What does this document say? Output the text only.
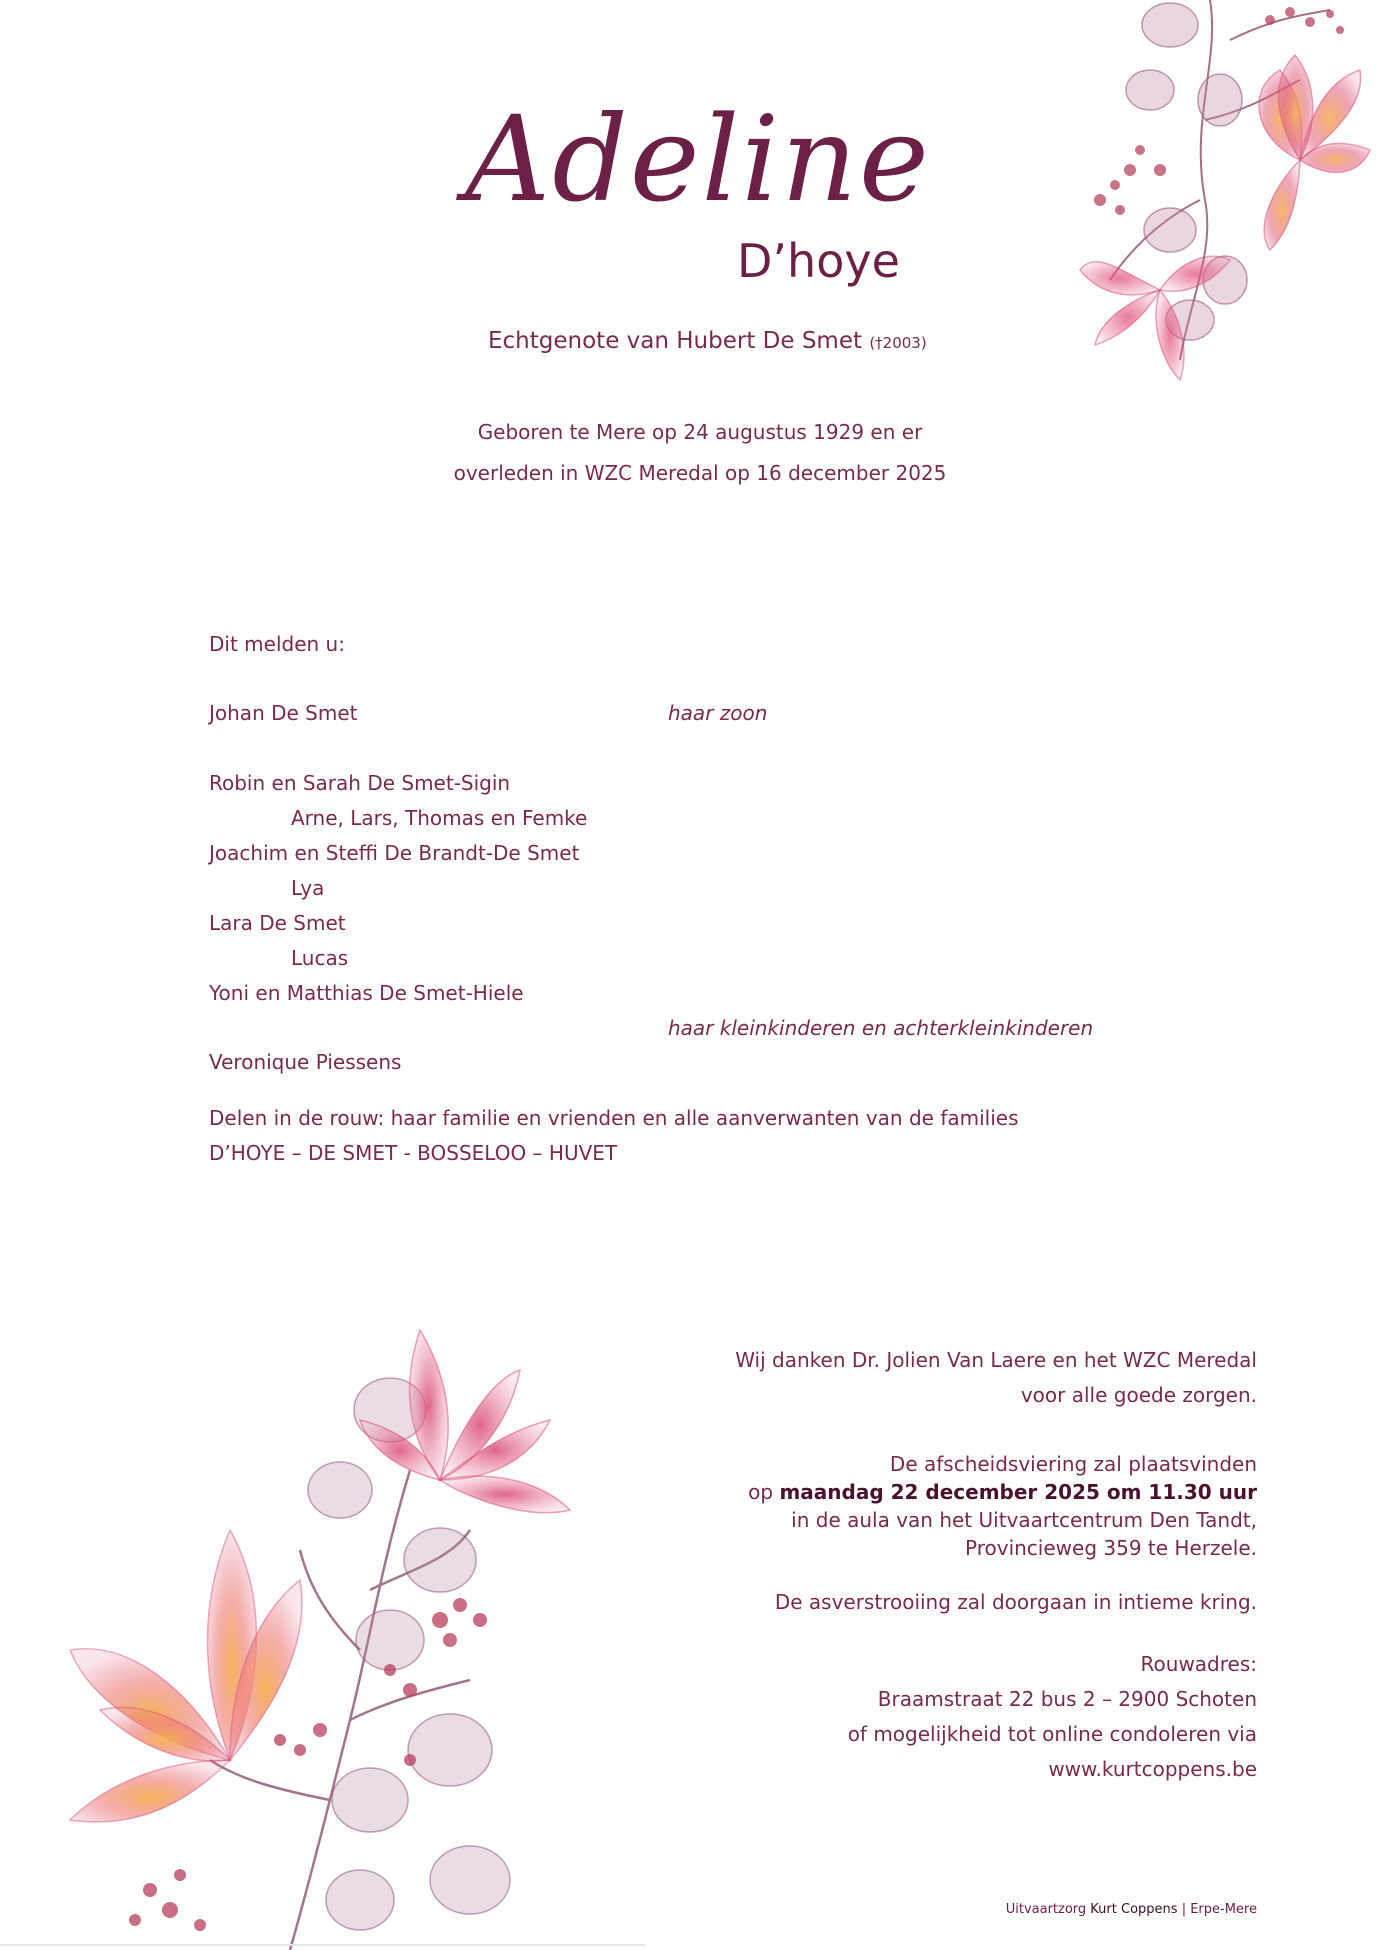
Adeline
D’hoye
Echtgenote van Hubert De Smet (†2003)
Geboren te Mere op 24 augustus 1929 en er
overleden in WZC Meredal op 16 december 2025
Dit melden u:
Johan De Smet	haar zoon
Robin en Sarah De Smet-Sigin
Arne, Lars, Thomas en Femke
Joachim en Steffi De Brandt-De Smet
Lya
Lara De Smet
Lucas
Yoni en Matthias De Smet-Hiele
haar kleinkinderen en achterkleinkinderen
Veronique Piessens
Delen in de rouw: haar familie en vrienden en alle aanverwanten van de families
D’HOYE – DE SMET - BOSSELOO – HUVET
Wij danken Dr. Jolien Van Laere en het WZC Meredal
voor alle goede zorgen.
De afscheidsviering zal plaatsvinden
op maandag 22 december 2025 om 11.30 uur
in de aula van het Uitvaartcentrum Den Tandt,
Provincieweg 359 te Herzele.
De asverstrooiing zal doorgaan in intieme kring.
Rouwadres:
Braamstraat 22 bus 2 – 2900 Schoten
of mogelijkheid tot online condoleren via
www.kurtcoppens.be
Uitvaartzorg Kurt Coppens | Erpe-Mere
